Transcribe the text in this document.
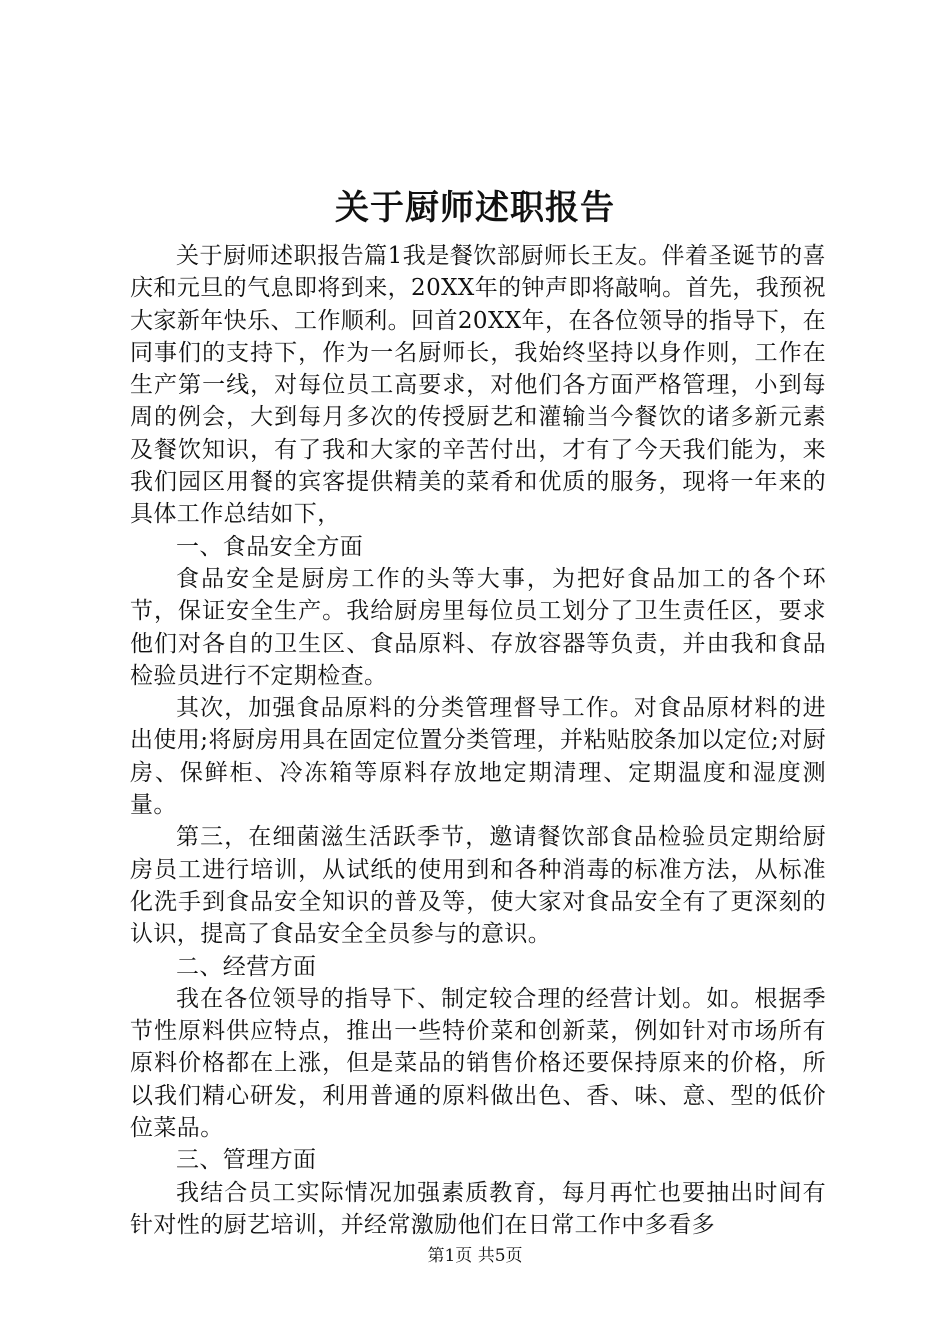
关于厨师述职报告

关于厨师述职报告篇1我是餐饮部厨师长王友。伴着圣诞节的喜庆和元旦的气息即将到来，20XX年的钟声即将敲响。首先，我预祝大家新年快乐、工作顺利。回首20XX年，在各位领导的指导下，在同事们的支持下，作为一名厨师长，我始终坚持以身作则，工作在生产第一线，对每位员工高要求，对他们各方面严格管理，小到每周的例会，大到每月多次的传授厨艺和灌输当今餐饮的诸多新元素及餐饮知识，有了我和大家的辛苦付出，才有了今天我们能为，来我们园区用餐的宾客提供精美的菜肴和优质的服务，现将一年来的具体工作总结如下，

一、食品安全方面

食品安全是厨房工作的头等大事，为把好食品加工的各个环节，保证安全生产。我给厨房里每位员工划分了卫生责任区，要求他们对各自的卫生区、食品原料、存放容器等负责，并由我和食品检验员进行不定期检查。

其次，加强食品原料的分类管理督导工作。对食品原材料的进出使用;将厨房用具在固定位置分类管理，并粘贴胶条加以定位;对厨房、保鲜柜、冷冻箱等原料存放地定期清理、定期温度和湿度测量。

第三，在细菌滋生活跃季节，邀请餐饮部食品检验员定期给厨房员工进行培训，从试纸的使用到和各种消毒的标准方法，从标准化洗手到食品安全知识的普及等，使大家对食品安全有了更深刻的认识，提高了食品安全全员参与的意识。

二、经营方面

我在各位领导的指导下、制定较合理的经营计划。如。根据季节性原料供应特点，推出一些特价菜和创新菜，例如针对市场所有原料价格都在上涨，但是菜品的销售价格还要保持原来的价格，所以我们精心研发，利用普通的原料做出色、香、味、意、型的低价位菜品。

三、管理方面

我结合员工实际情况加强素质教育，每月再忙也要抽出时间有针对性的厨艺培训，并经常激励他们在日常工作中多看多

第1页 共5页
